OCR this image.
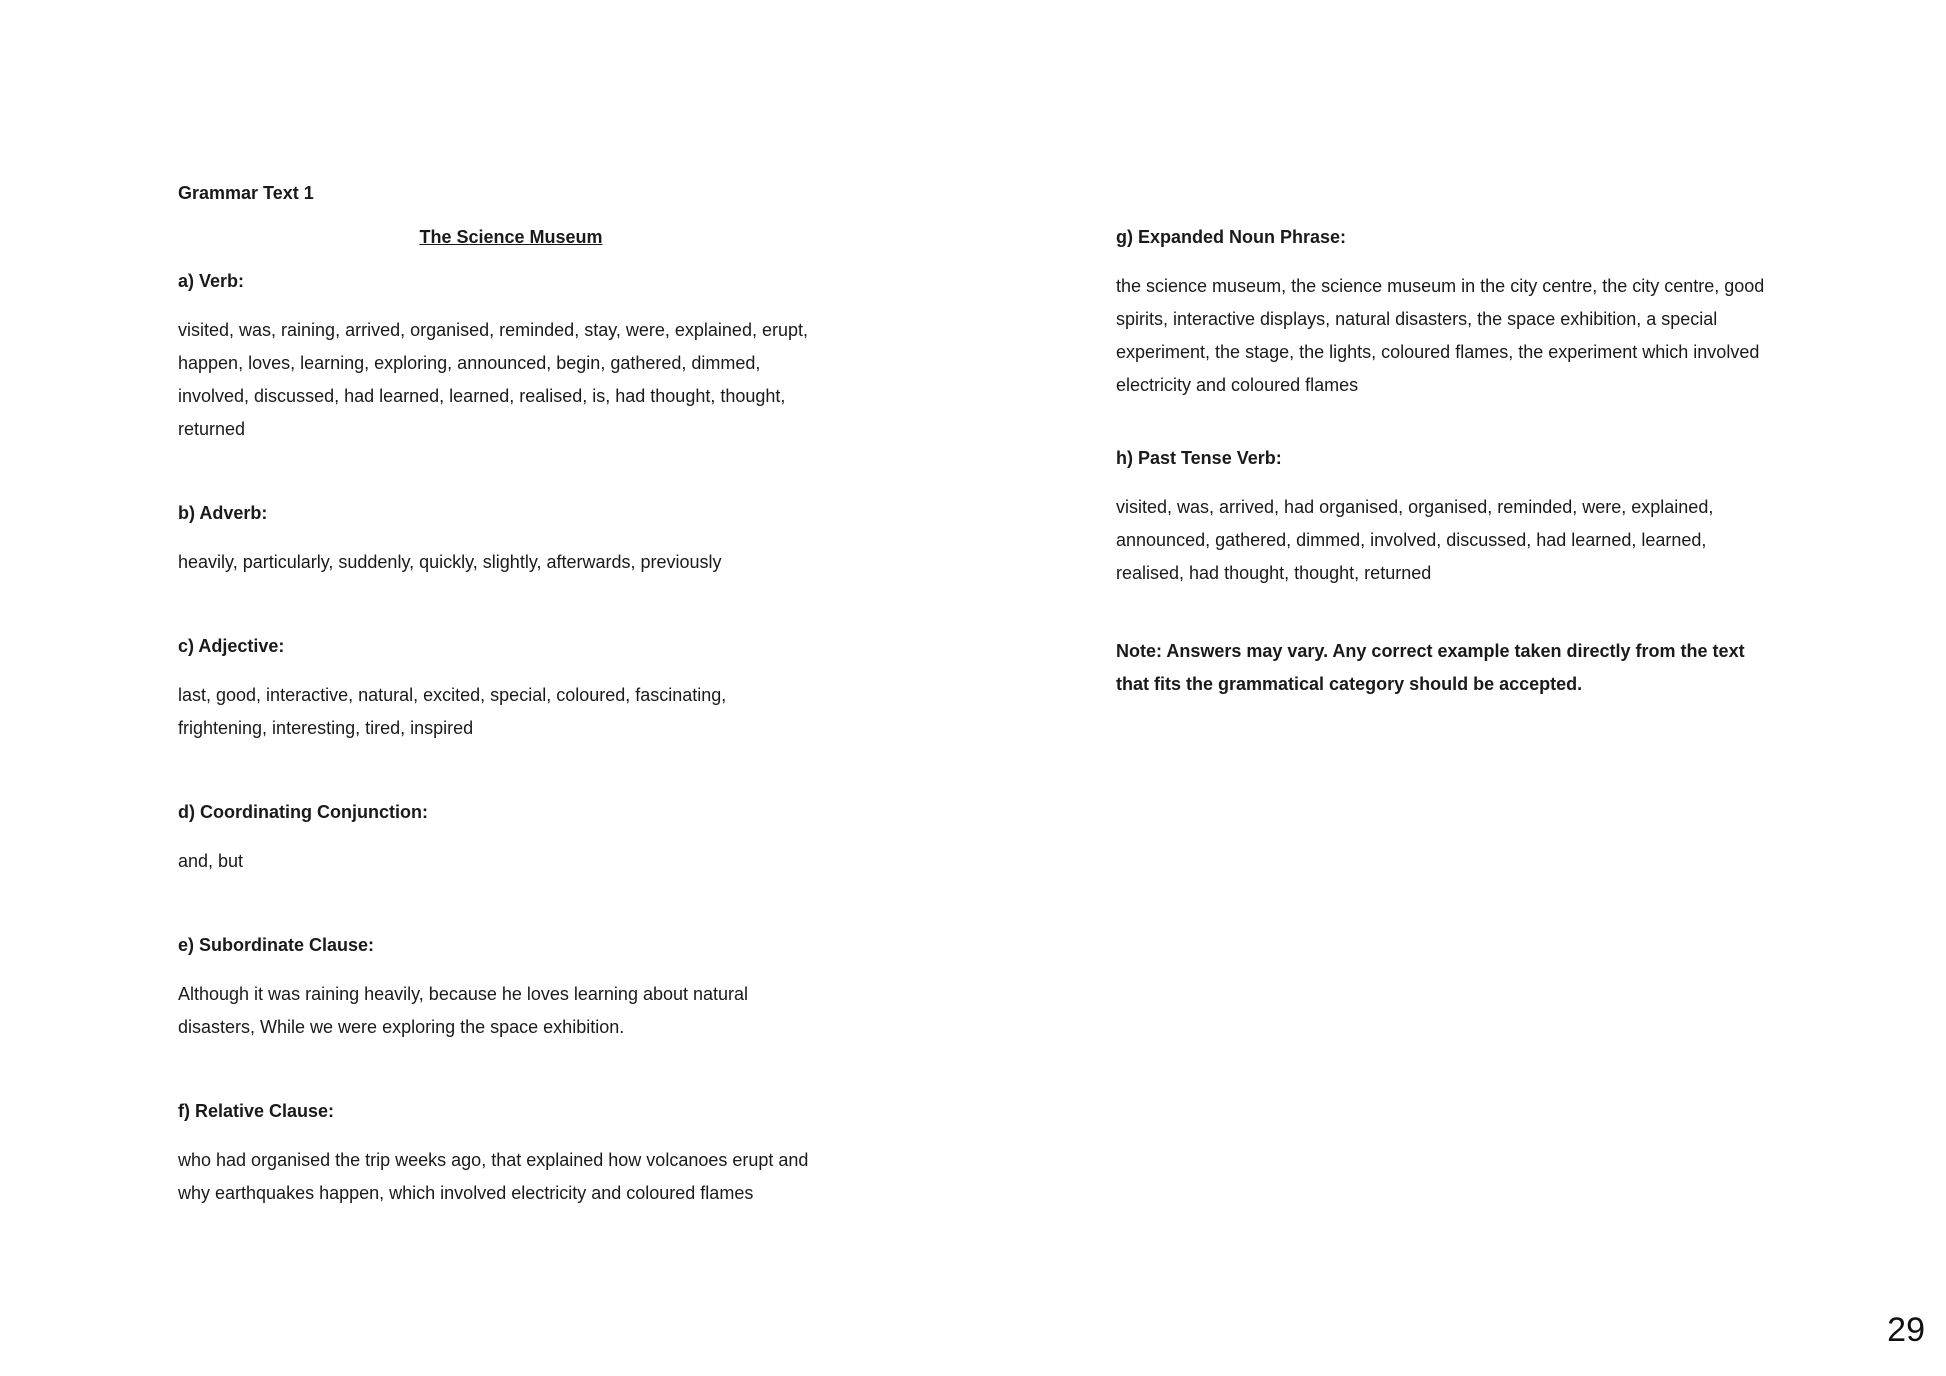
Grammar Text 1
The Science Museum
a) Verb:
visited, was, raining, arrived, organised, reminded, stay, were, explained, erupt,
happen, loves, learning, exploring, announced, begin, gathered, dimmed,
involved, discussed, had learned, learned, realised, is, had thought, thought,
returned
b) Adverb:
heavily, particularly, suddenly, quickly, slightly, afterwards, previously
c) Adjective:
last, good, interactive, natural, excited, special, coloured, fascinating,
frightening, interesting, tired, inspired
d) Coordinating Conjunction:
and, but
e) Subordinate Clause:
Although it was raining heavily, because he loves learning about natural
disasters, While we were exploring the space exhibition.
f) Relative Clause:
who had organised the trip weeks ago, that explained how volcanoes erupt and
why earthquakes happen, which involved electricity and coloured flames
g) Expanded Noun Phrase:
the science museum, the science museum in the city centre, the city centre, good
spirits, interactive displays, natural disasters, the space exhibition, a special
experiment, the stage, the lights, coloured flames, the experiment which involved
electricity and coloured flames
h) Past Tense Verb:
visited, was, arrived, had organised, organised, reminded, were, explained,
announced, gathered, dimmed, involved, discussed, had learned, learned,
realised, had thought, thought, returned
Note: Answers may vary. Any correct example taken directly from the text
that fits the grammatical category should be accepted.
29
